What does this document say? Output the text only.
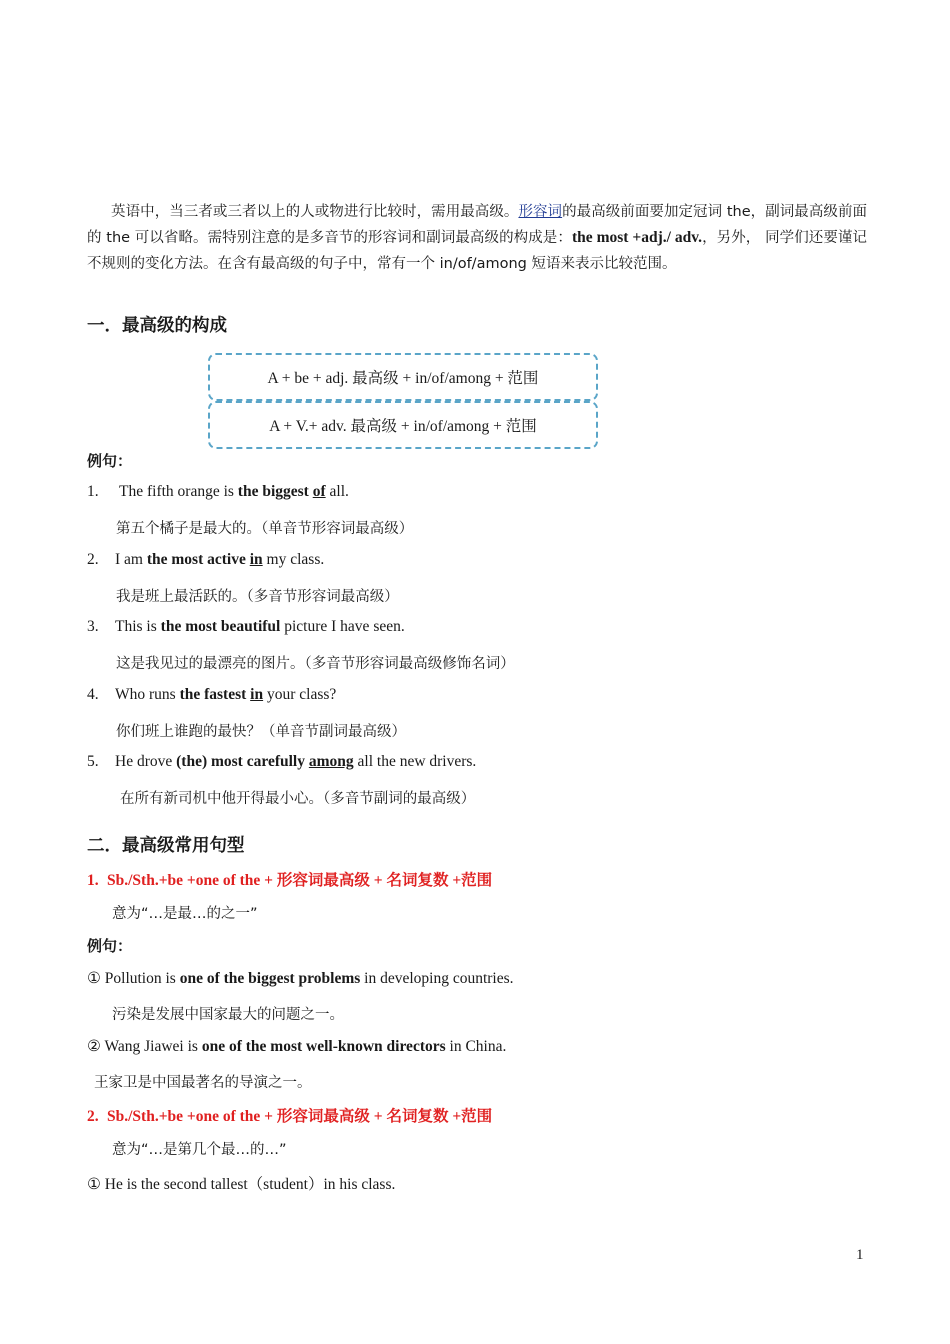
英语中，当三者或三者以上的人或物进行比较时，需用最高级。形容词的最高级前面要加定冠词 the，副词最高级前面的 the 可以省略。需特别注意的是多音节的形容词和副词最高级的构成是：the most +adj./ adv.，另外， 同学们还要谨记不规则的变化方法。在含有最高级的句子中，常有一个 in/of/among 短语来表示比较范围。
一．最高级的构成
A + be + adj. 最高级 + in/of/among + 范围
A + V.+ adv. 最高级 + in/of/among + 范围
例句：
1. The fifth orange is the biggest of all.
第五个橘子是最大的。（单音节形容词最高级）
2. I am the most active in my class.
我是班上最活跃的。（多音节形容词最高级）
3. This is the most beautiful picture I have seen.
这是我见过的最漂亮的图片。（多音节形容词最高级修饰名词）
4. Who runs the fastest in your class?
你们班上谁跑的最快？（单音节副词最高级）
5. He drove (the) most carefully among all the new drivers.
在所有新司机中他开得最小心。（多音节副词的最高级）
二．最高级常用句型
1. Sb./Sth.+be +one of the + 形容词最高级 + 名词复数 +范围
意为“…是最…的之一”
例句：
① Pollution is one of the biggest problems in developing countries.
污染是发展中国家最大的问题之一。
② Wang Jiawei is one of the most well-known directors in China.
王家卫是中国最著名的导演之一。
2. Sb./Sth.+be +one of the + 形容词最高级 + 名词复数 +范围
意为“…是第几个最…的…”
① He is the second tallest（student）in his class.
1
